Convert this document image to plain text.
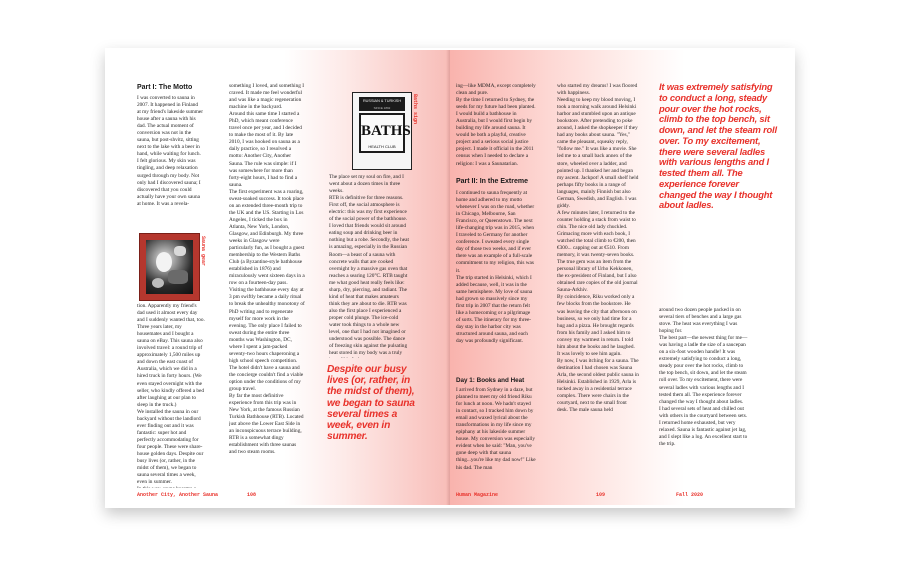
Part I: The Motto
I was converted to sauna in 2007. It happened in Finland at my friend's lakeside summer house after a sauna with his dad. The actual moment of conversion was not in the sauna, but post-shvitz, sitting next to the lake with a beer in hand, while waiting for lunch. I felt glorious. My skin was tingling, and deep relaxation surged through my body. Not only had I discovered sauna; I discovered that you could actually have your own sauna at home. It was a revela-
Sauna gear
tion. Apparently my friend's dad used it almost every day and I suddenly wanted that, too.
Three years later, my housemates and I bought a sauna on eBay. This sauna also involved travel: a round trip of approximately 1,500 miles up and down the east coast of Australia, which we did in a hired truck in forty hours. (We even stayed overnight with the seller, who kindly offered a bed after laughing at our plan to sleep in the truck.)
We installed the sauna in our backyard without the landlord ever finding out and it was fantastic: super hot and perfectly accommodating for four people. These were share-house golden days. Despite our busy lives (or, rather, in the midst of them), we began to sauna several times a week, even in summer.

something I loved, and something I craved. It made me feel wonderful and was like a magic regeneration machine in the backyard.
Around this same time I started a PhD, which meant conference travel once per year, and I decided to make the most of it. By late 2010, I was hooked on sauna as a daily practice, so I resolved a motto: Another City, Another Sauna. The rule was simple: if I was somewhere for more than forty-eight hours, I had to find a sauna.
The first experiment was a roaring, sweat-soaked success. It took place on an extended three-month trip to the UK and the US. Starting in Los Angeles, I ticked the box in Atlanta, New York, London, Glasgow, and Edinburgh. My three weeks in Glasgow were particularly fun, as I bought a guest membership to the Western Baths Club (a Byzantine-style bathhouse established in 1876) and miraculously went sixteen days in a row on a fourteen-day pass. Visiting the bathhouse every day at 3 pm swiftly became a daily ritual to break the unhealthy monotony of PhD writing and to regenerate myself for more work in the evening. The only place I failed to sweat during the entire three months was Washington, DC, where I spent a jam-packed seventy-two hours chaperoning a high school speech competition. The hotel didn't have a sauna and the concierge couldn't find a viable option under the conditions of my group travel.
By far the most definitive experience from this trip was in New York, at the famous Russian Turkish Bathhouse (RTB). Located just above the Lower East Side in an inconspicuous terrace building, RTB is a somewhat dingy establishment with three saunas and two steam rooms.
RUSSIAN & TURKISH
SINCE 1892
BATHS
HEALTH CLUB
Baths sign
The place set my soul on fire, and I went about a dozen times in three weeks.
RTB is definitive for three reasons. First off, the social atmosphere is electric: this was my first experience of the social power of the bathhouse. I loved that friends would sit around eating soup and drinking beer in nothing but a robe. Secondly, the heat is amazing, especially in the Russian Room—a beast of a sauna with concrete walls that are cooked overnight by a massive gas oven that reaches a searing 120°C. RTB taught me what good heat really feels like: sharp, dry, piercing, and radiant. The kind of heat that makes amateurs think they are about to die. RTB was also the first place I experienced a proper cold plunge. The ice-cold water took things to a whole new level, one that I had not imagined or understood was possible. The dance of freezing skin against the pulsating heat stored in my body was a truly
Despite our busy lives (or, rather, in the midst of them), we began to sauna several times a week, even in summer.
Another City, Another Sauna	108
ing—like MDMA, except completely clean and pure.
By the time I returned to Sydney, the seeds for my future had been planted. I would build a bathhouse in Australia, but I would first begin by building my life around sauna. It would be both a playful, creative project and a serious social justice project. I made it official in the 2011 census when I needed to declare a religion: I was a Saunatarian.
Part II: In the Extreme
I continued to sauna frequently at home and adhered to my motto whenever I was on the road, whether in Chicago, Melbourne, San Francisco, or Queenstown. The next life-changing trip was in 2015, when I traveled to Germany for another conference. I sweated every single day of those two weeks, and if ever there was an example of a full-scale commitment to my religion, this was it.
The trip started in Helsinki, which I added because, well, it was in the same hemisphere. My love of sauna had grown so massively since my first trip in 2007 that the return felt like a homecoming or a pilgrimage of sorts. The itinerary for my three-day stay in the harbor city was structured around sauna, and each day was profoundly significant.
Day 1: Books and Heat
I arrived from Sydney in a daze, but planned to meet my old friend Riku for lunch at noon. We hadn't stayed in contact, so I tracked him down by email and waxed lyrical about the transformations in my life since my epiphany at his lakeside summer house. My conversion was especially evident when he said: "Man, you've gone deep with that sauna thing...you're like my dad now!" Like his dad. The man
who started my dreams! I was floored with happiness.
Needing to keep my blood moving, I took a morning walk around Helsinki harbor and stumbled upon an antique bookstore. After pretending to poke around, I asked the shopkeeper if they had any books about sauna. "Yes," came the pleasant, squeaky reply, "follow me." It was like a movie. She led me to a small back annex of the store, wheeled over a ladder, and pointed up. I thanked her and began my ascent. Jackpot! A small shelf held perhaps fifty books in a range of languages, mainly Finnish but also German, Swedish, and English. I was giddy.
A few minutes later, I returned to the counter holding a stack from waist to chin. The nice old lady chuckled. Grimacing more with each book, I watched the total climb to €200, then €300... capping out at €510. From memory, it was twenty-seven books. The true gem was an item from the personal library of Urho Kekkonen, the ex-president of Finland, but I also obtained rare copies of the old journal Sauna-Arkhiv.
By coincidence, Riku worked only a few blocks from the bookstore. He was leaving the city that afternoon on business, so we only had time for a hug and a pizza. He brought regards from his family and I asked him to convey my warmest in return. I told him about the books and he laughed. It was lovely to see him again.
By now, I was itching for a sauna. The destination I had chosen was Sauna Arla, the second oldest public sauna in Helsinki. Established in 1929, Arla is tucked away in a residential terrace complex. There were chairs in the courtyard, next to the small front desk. The male sauna held
It was extremely satisfying to conduct a long, steady pour over the hot rocks, climb to the top bench, sit down, and let the steam roll over. To my excitement, there were several ladles with various lengths and I tested them all. The experience forever changed the way I thought about ladles.
around two dozen people packed in on several tiers of benches and a large gas stove. The heat was everything I was hoping for.
The best part—the newest thing for me—was having a ladle the size of a saucepan on a six-foot wooden handle! It was extremely satisfying to conduct a long, steady pour over the hot rocks, climb to the top bench, sit down, and let the steam roll over. To my excitement, there were several ladles with various lengths and I tested them all. The experience forever changed the way I thought about ladles.
I had several sets of heat and chilled out with others in the courtyard between sets. I returned home exhausted, but very relaxed. Sauna is fantastic against jet lag, and I slept like a log. An excellent start to the trip.
Human Magazine	109	Fall 2020
